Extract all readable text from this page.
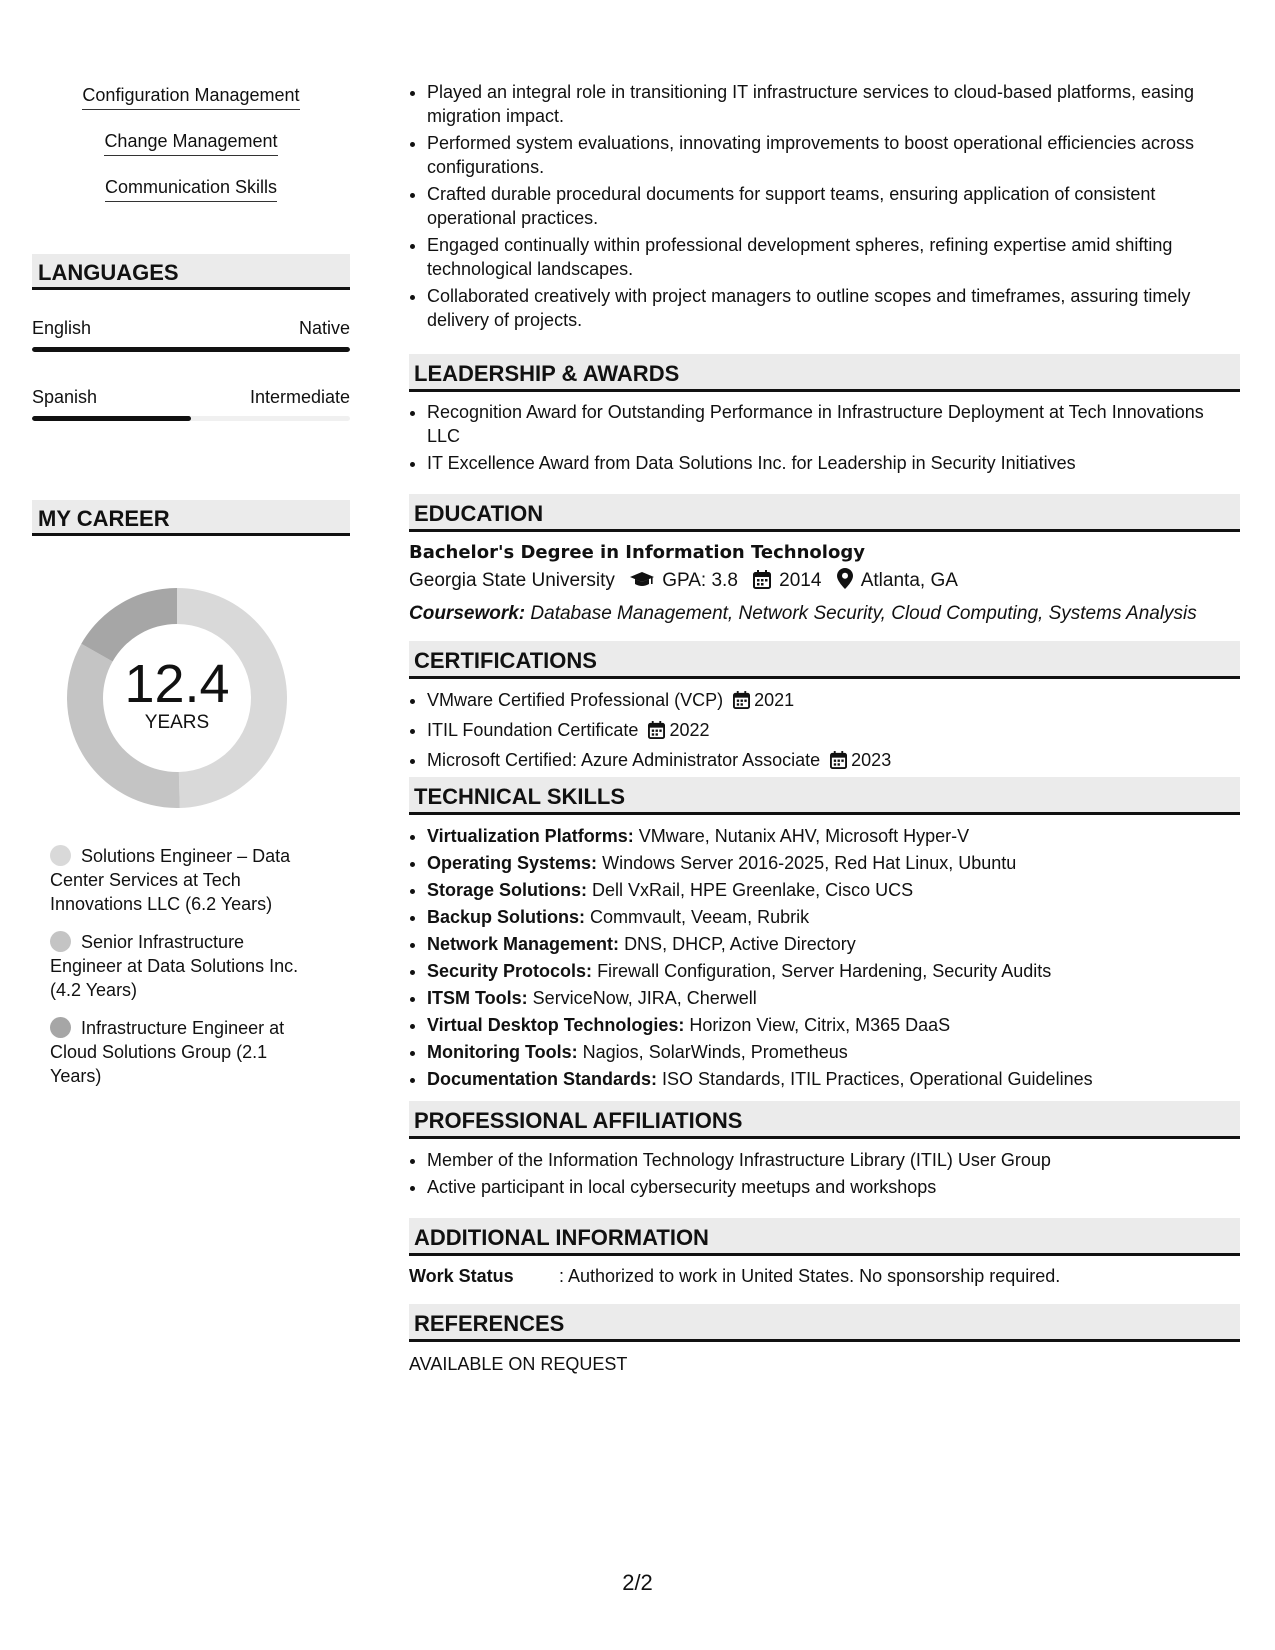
Configuration Management
Change Management
Communication Skills
LANGUAGES
English	Native
Spanish	Intermediate
MY CAREER
12.4
YEARS
Solutions Engineer – Data Center Services at Tech Innovations LLC (6.2 Years)
Senior Infrastructure Engineer at Data Solutions Inc. (4.2 Years)
Infrastructure Engineer at Cloud Solutions Group (2.1 Years)
• Played an integral role in transitioning IT infrastructure services to cloud-based platforms, easing migration impact.
• Performed system evaluations, innovating improvements to boost operational efficiencies across configurations.
• Crafted durable procedural documents for support teams, ensuring application of consistent operational practices.
• Engaged continually within professional development spheres, refining expertise amid shifting technological landscapes.
• Collaborated creatively with project managers to outline scopes and timeframes, assuring timely delivery of projects.
LEADERSHIP & AWARDS
• Recognition Award for Outstanding Performance in Infrastructure Deployment at Tech Innovations LLC
• IT Excellence Award from Data Solutions Inc. for Leadership in Security Initiatives
EDUCATION
Bachelor's Degree in Information Technology
Georgia State University GPA: 3.8 2014 Atlanta, GA
Coursework: Database Management, Network Security, Cloud Computing, Systems Analysis
CERTIFICATIONS
• VMware Certified Professional (VCP) 2021
• ITIL Foundation Certificate 2022
• Microsoft Certified: Azure Administrator Associate 2023
TECHNICAL SKILLS
• Virtualization Platforms: VMware, Nutanix AHV, Microsoft Hyper-V
• Operating Systems: Windows Server 2016-2025, Red Hat Linux, Ubuntu
• Storage Solutions: Dell VxRail, HPE Greenlake, Cisco UCS
• Backup Solutions: Commvault, Veeam, Rubrik
• Network Management: DNS, DHCP, Active Directory
• Security Protocols: Firewall Configuration, Server Hardening, Security Audits
• ITSM Tools: ServiceNow, JIRA, Cherwell
• Virtual Desktop Technologies: Horizon View, Citrix, M365 DaaS
• Monitoring Tools: Nagios, SolarWinds, Prometheus
• Documentation Standards: ISO Standards, ITIL Practices, Operational Guidelines
PROFESSIONAL AFFILIATIONS
• Member of the Information Technology Infrastructure Library (ITIL) User Group
• Active participant in local cybersecurity meetups and workshops
ADDITIONAL INFORMATION
Work Status	: Authorized to work in United States. No sponsorship required.
REFERENCES
AVAILABLE ON REQUEST
2/2
